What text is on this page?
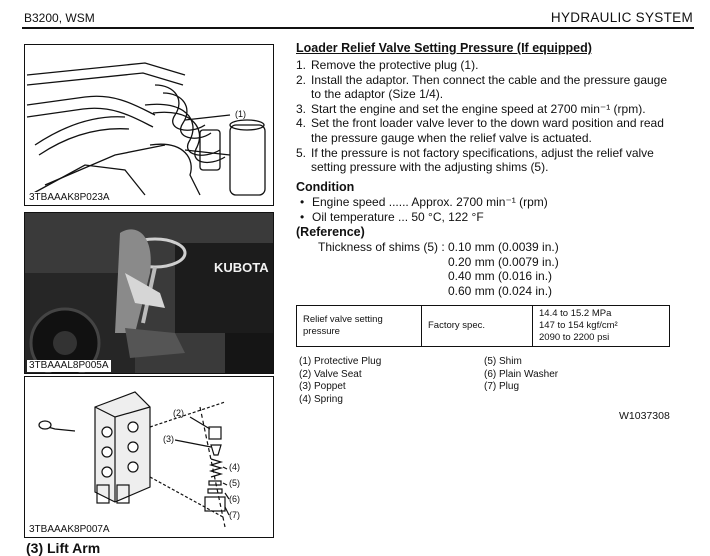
B3200, WSM	HYDRAULIC SYSTEM
(1)
3TBAAAK8P023A
KUBOTA
3TBAAAL8P005A
(2)
(3)
(4)
(5)
(6)
(7)
3TBAAAK8P007A
Loader Relief Valve Setting Pressure (If equipped)
1. Remove the protective plug (1).
2. Install the adaptor. Then connect the cable and the pressure gauge to the adaptor (Size 1/4).
3. Start the engine and set the engine speed at 2700 min⁻¹ (rpm).
4. Set the front loader valve lever to the down ward position and read the pressure gauge when the relief valve is actuated.
5. If the pressure is not factory specifications, adjust the relief valve setting pressure with the adjusting shims (5).
Condition
• Engine speed ...... Approx. 2700 min⁻¹ (rpm)
• Oil temperature ... 50 °C, 122 °F
(Reference)
Thickness of shims (5) : 0.10 mm (0.0039 in.)
0.20 mm (0.0079 in.)
0.40 mm (0.016 in.)
0.60 mm (0.024 in.)
Relief valve setting pressure	Factory spec.	
14.4 to 15.2 MPa
147 to 154 kgf/cm²
2090 to 2200 psi
(1) Protective Plug
(2) Valve Seat
(3) Poppet
(4) Spring
(5) Shim
(6) Plain Washer
(7) Plug
W1037308
(3) Lift Arm
